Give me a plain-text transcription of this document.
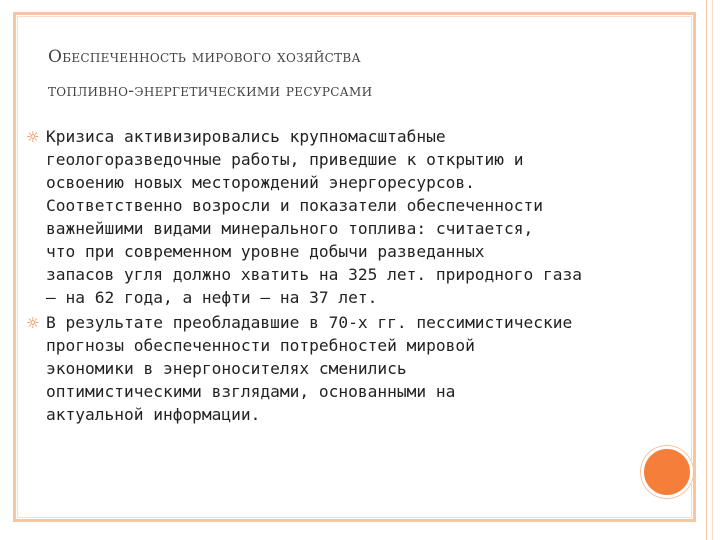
Обеспеченность мирового хозяйства
топливно-энергетическими ресурсами
☼ Кризиса активизировались крупномасштабные
геологоразведочные работы, приведшие к открытию и
освоению новых месторождений энергоресурсов.
Соответственно возросли и показатели обеспеченности
важнейшими видами минерального топлива: считается,
что при современном уровне добычи разведанных
запасов угля должно хватить на 325 лет. природного газа
— на 62 года, а нефти — на 37 лет.
☼ В результате преобладавшие в 70-х гг. пессимистические
прогнозы обеспеченности потребностей мировой
экономики в энергоносителях сменились
оптимистическими взглядами, основанными на
актуальной информации.
